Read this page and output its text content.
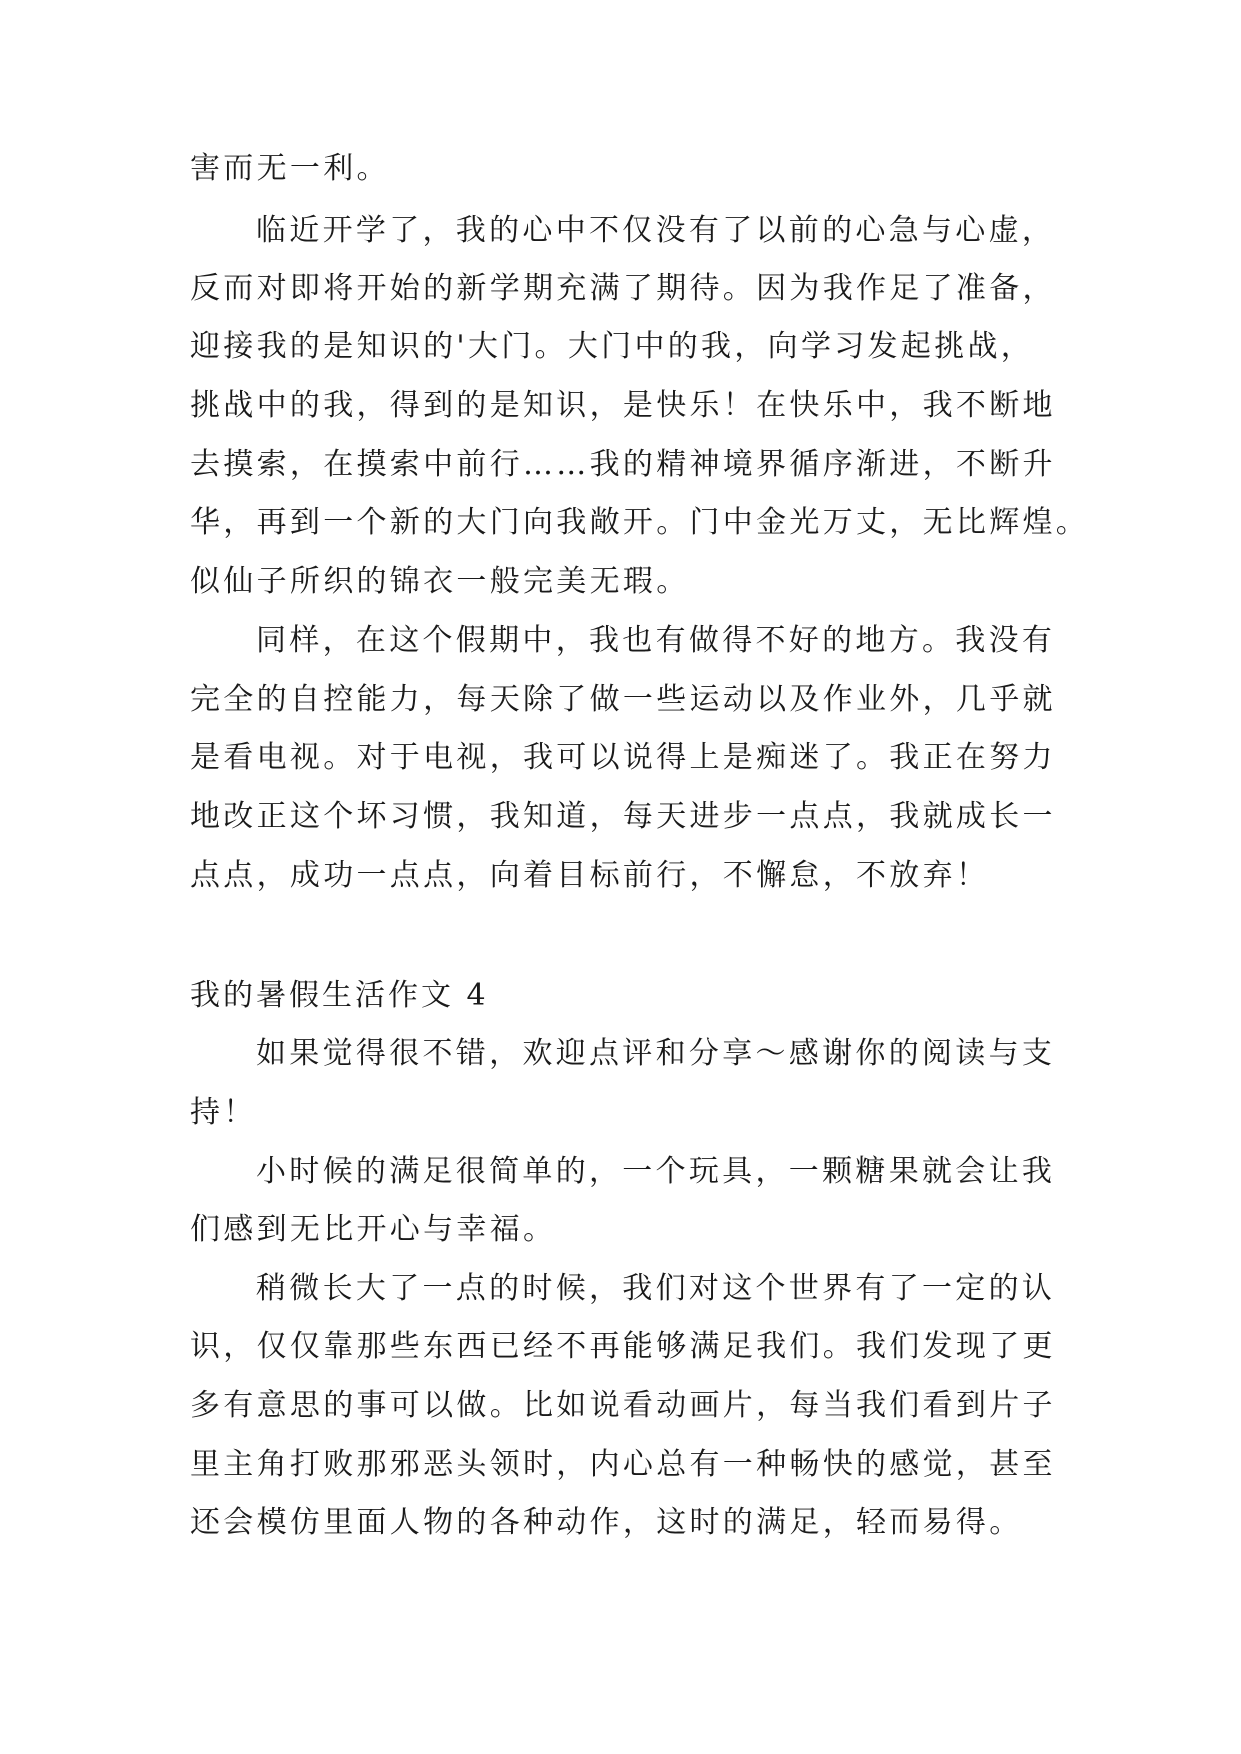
害而无一利。

临近开学了，我的心中不仅没有了以前的心急与心虚，

反而对即将开始的新学期充满了期待。因为我作足了准备，

迎接我的是知识的'大门。大门中的我，向学习发起挑战，

挑战中的我，得到的是知识，是快乐！在快乐中，我不断地

去摸索，在摸索中前行……我的精神境界循序渐进，不断升

华，再到一个新的大门向我敞开。门中金光万丈，无比辉煌。

似仙子所织的锦衣一般完美无瑕。

同样，在这个假期中，我也有做得不好的地方。我没有

完全的自控能力，每天除了做一些运动以及作业外，几乎就

是看电视。对于电视，我可以说得上是痴迷了。我正在努力

地改正这个坏习惯，我知道，每天进步一点点，我就成长一

点点，成功一点点，向着目标前行，不懈怠，不放弃！

我的暑假生活作文 4

如果觉得很不错，欢迎点评和分享～感谢你的阅读与支

持！

小时候的满足很简单的，一个玩具，一颗糖果就会让我

们感到无比开心与幸福。

稍微长大了一点的时候，我们对这个世界有了一定的认

识，仅仅靠那些东西已经不再能够满足我们。我们发现了更

多有意思的事可以做。比如说看动画片，每当我们看到片子

里主角打败那邪恶头领时，内心总有一种畅快的感觉，甚至

还会模仿里面人物的各种动作，这时的满足，轻而易得。
